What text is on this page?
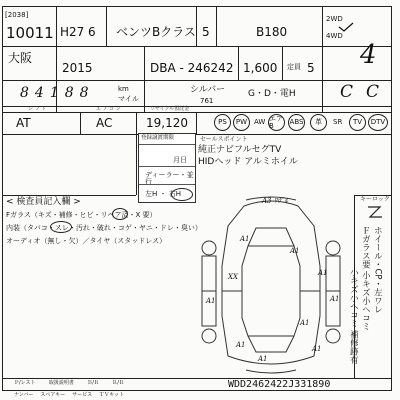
[2038]
10011 H27 6 ベンツBクラス 5	B180
2WD
4WD
大阪
2015	DBA - 246242 1,600 定員 5 4
84188	km
マイル
シルバー
761
G・D・電H	C C
シ フ ト	エ ア コ ン	リサイクル預託金
AT	AC	19,120	PS	PW AW エアB	ABS	革	SR	TV	DTV
登録譲渡期限
月日
ディーラー・並行
左H ・ 右H
セールスポイント
純正ナビフルセグTV
HIDヘッド アルミホイル
< 検査員記入欄 >
Fガラス（キズ・補修・ヒビ・リペア済・X 要）
内装（タバコ・スレ・汚れ・破れ・コゲ・ヤニ・ドレ・臭い）
オーディオ（無し・欠）／タイヤ（スタッドレス）
Ｐ/レスト	取扱説明書	Ｂ/Ｒ	Ｒ/Ｒ
ナンバー スペアキー サービス ＴＶキット
WDD2462422J331890
キーロック
ホイール・CP・左ワレ
Ｆガラス要 小キズ小ヘコミ
小キズ小ヘコミ 補修跡有
A3 ﾜｳﾞﾙ
A1
XX
A1
A1
A1
A1
A1
A1
A1
A1
